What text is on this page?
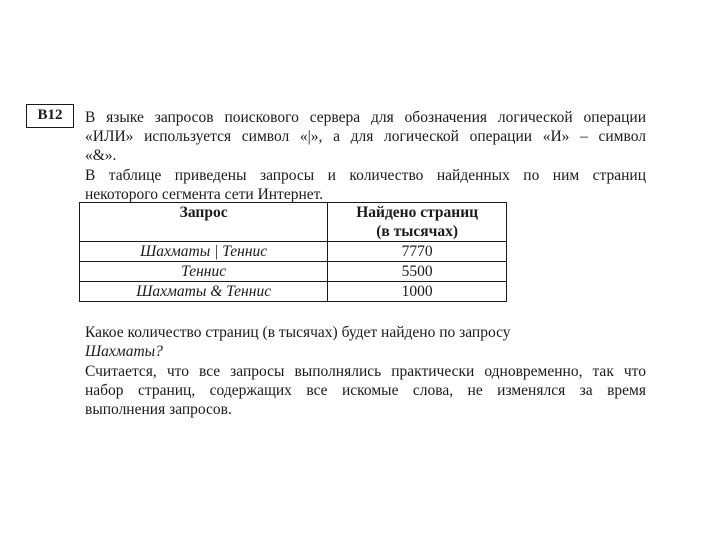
В12	В языке запросов поискового сервера для обозначения логической операции
«ИЛИ» используется символ «|», а для логической операции «И» – символ
«&».

В таблице приведены запросы и количество найденных по ним страниц
некоторого сегмента сети Интернет.

Запрос	Найдено страниц
(в тысячах)
Шахматы | Теннис	7770
Теннис	5500
Шахматы & Теннис	1000

Какое количество страниц (в тысячах) будет найдено по запросу
Шахматы?

Считается, что все запросы выполнялись практически одновременно, так что
набор страниц, содержащих все искомые слова, не изменялся за время
выполнения запросов.
